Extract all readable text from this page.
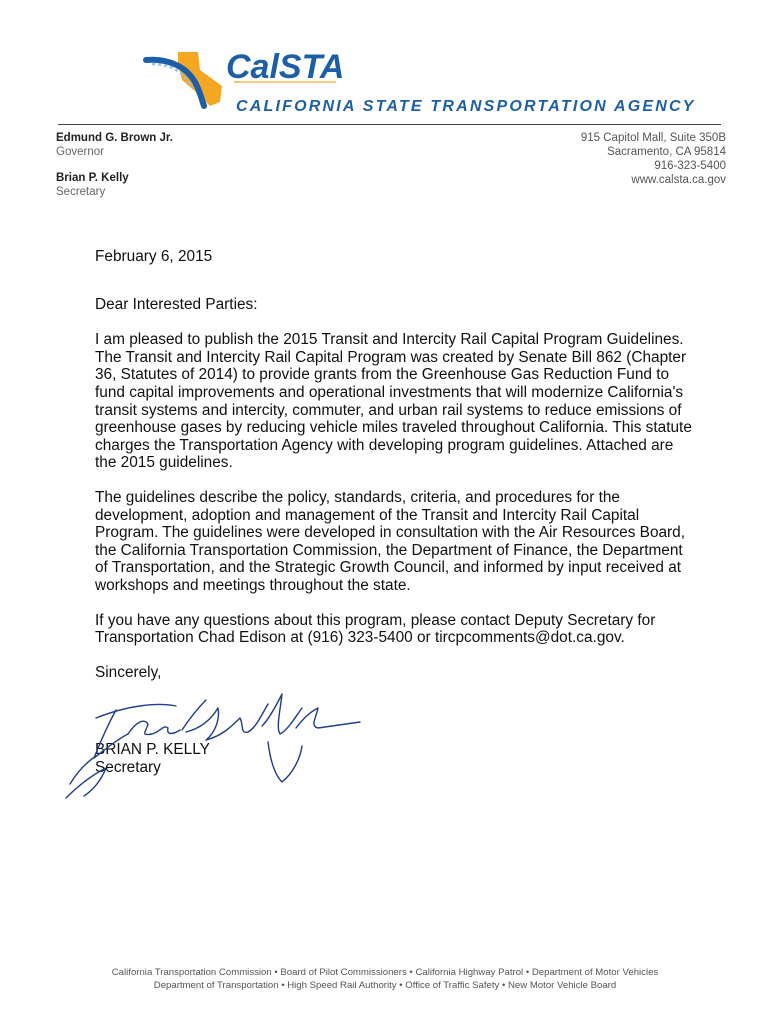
CalSTA
CALIFORNIA STATE TRANSPORTATION AGENCY
Edmund G. Brown Jr.
Governor
Brian P. Kelly
Secretary
915 Capitol Mall, Suite 350B
Sacramento, CA 95814
916-323-5400
www.calsta.ca.gov

February 6, 2015

Dear Interested Parties:

I am pleased to publish the 2015 Transit and Intercity Rail Capital Program Guidelines. The Transit and Intercity Rail Capital Program was created by Senate Bill 862 (Chapter 36, Statutes of 2014) to provide grants from the Greenhouse Gas Reduction Fund to fund capital improvements and operational investments that will modernize California's transit systems and intercity, commuter, and urban rail systems to reduce emissions of greenhouse gases by reducing vehicle miles traveled throughout California. This statute charges the Transportation Agency with developing program guidelines. Attached are the 2015 guidelines.

The guidelines describe the policy, standards, criteria, and procedures for the development, adoption and management of the Transit and Intercity Rail Capital Program. The guidelines were developed in consultation with the Air Resources Board, the California Transportation Commission, the Department of Finance, the Department of Transportation, and the Strategic Growth Council, and informed by input received at workshops and meetings throughout the state.

If you have any questions about this program, please contact Deputy Secretary for Transportation Chad Edison at (916) 323-5400 or tircpcomments@dot.ca.gov.

Sincerely,

BRIAN P. KELLY

Secretary

California Transportation Commission • Board of Pilot Commissioners • California Highway Patrol • Department of Motor Vehicles
Department of Transportation • High Speed Rail Authority • Office of Traffic Safety • New Motor Vehicle Board
